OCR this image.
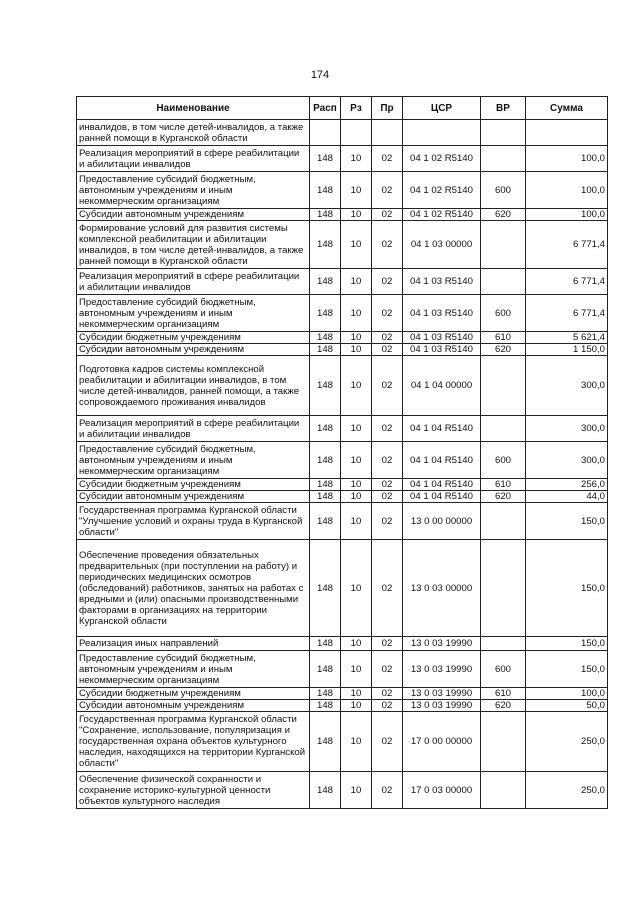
174
Наименование	Расп	Рз	Пр	ЦСР	ВР	Сумма
инвалидов, в том числе детей-инвалидов, а также ранней помощи в Курганской области						
Реализация мероприятий в сфере реабилитации и абилитации инвалидов	148	10	02	04 1 02 R5140		100,0
Предоставление субсидий бюджетным, автономным учреждениям и иным некоммерческим организациям	148	10	02	04 1 02 R5140	600	100,0
Субсидии автономным учреждениям	148	10	02	04 1 02 R5140	620	100,0
Формирование условий для развития системы комплексной реабилитации и абилитации инвалидов, в том числе детей-инвалидов, а также ранней помощи в Курганской области	148	10	02	04 1 03 00000		6 771,4
Реализация мероприятий в сфере реабилитации и абилитации инвалидов	148	10	02	04 1 03 R5140		6 771,4
Предоставление субсидий бюджетным, автономным учреждениям и иным некоммерческим организациям	148	10	02	04 1 03 R5140	600	6 771,4
Субсидии бюджетным учреждениям	148	10	02	04 1 03 R5140	610	5 621,4
Субсидии автономным учреждениям	148	10	02	04 1 03 R5140	620	1 150,0
Подготовка кадров системы комплексной реабилитации и абилитации инвалидов, в том числе детей-инвалидов, ранней помощи, а также сопровождаемого проживания инвалидов	148	10	02	04 1 04 00000		300,0
Реализация мероприятий в сфере реабилитации и абилитации инвалидов	148	10	02	04 1 04 R5140		300,0
Предоставление субсидий бюджетным, автономным учреждениям и иным некоммерческим организациям	148	10	02	04 1 04 R5140	600	300,0
Субсидии бюджетным учреждениям	148	10	02	04 1 04 R5140	610	256,0
Субсидии автономным учреждениям	148	10	02	04 1 04 R5140	620	44,0
Государственная программа Курганской области "Улучшение условий и охраны труда в Курганской области"	148	10	02	13 0 00 00000		150,0
Обеспечение проведения обязательных предварительных (при поступлении на работу) и периодических медицинских осмотров (обследований) работников, занятых на работах с вредными и (или) опасными производственными факторами в организациях на территории Курганской области	148	10	02	13 0 03 00000		150,0
Реализация иных направлений	148	10	02	13 0 03 19990		150,0
Предоставление субсидий бюджетным, автономным учреждениям и иным некоммерческим организациям	148	10	02	13 0 03 19990	600	150,0
Субсидии бюджетным учреждениям	148	10	02	13 0 03 19990	610	100,0
Субсидии автономным учреждениям	148	10	02	13 0 03 19990	620	50,0
Государственная программа Курганской области "Сохранение, использование, популяризация и государственная охрана объектов культурного наследия, находящихся на территории Курганской области"	148	10	02	17 0 00 00000		250,0
Обеспечение физической сохранности и сохранение историко-культурной ценности объектов культурного наследия	148	10	02	17 0 03 00000		250,0
